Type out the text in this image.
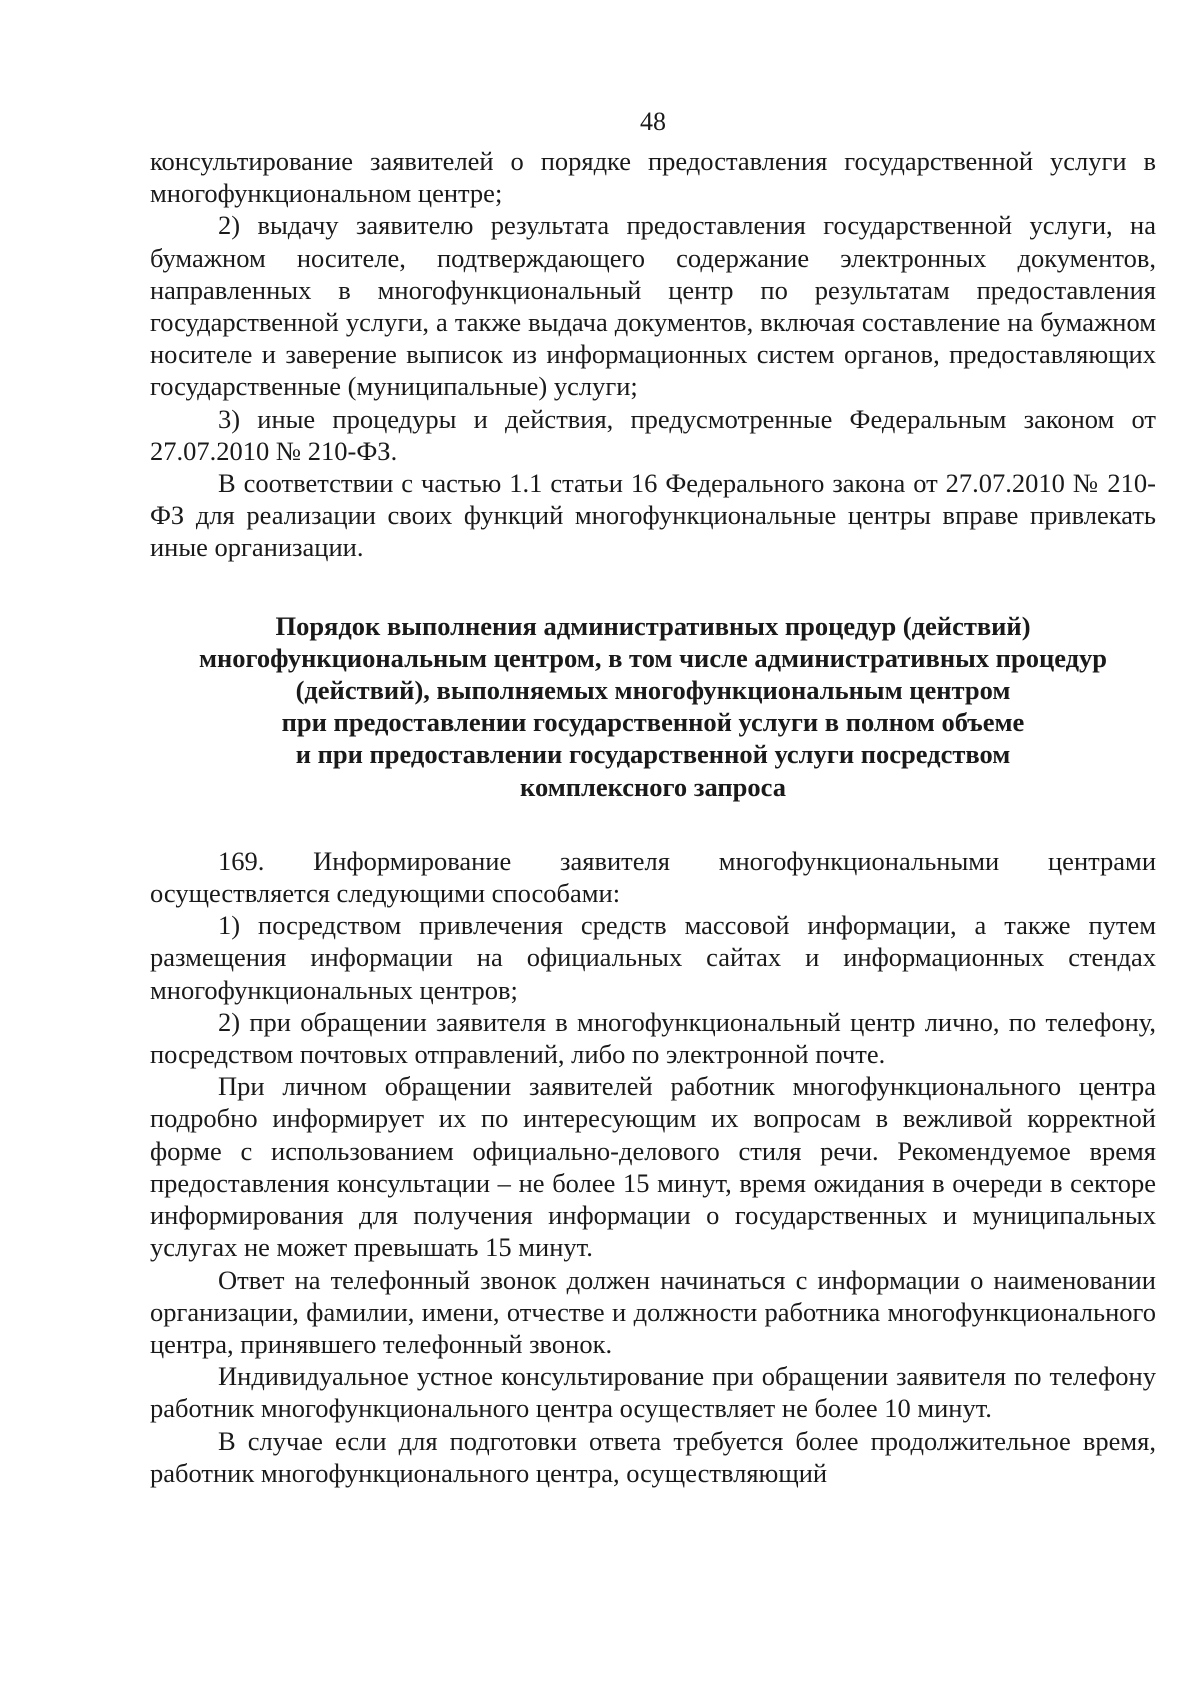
48

консультирование заявителей о порядке предоставления государственной услуги в многофункциональном центре;

2) выдачу заявителю результата предоставления государственной услуги, на бумажном носителе, подтверждающего содержание электронных документов, направленных в многофункциональный центр по результатам предоставления государственной услуги, а также выдача документов, включая составление на бумажном носителе и заверение выписок из информационных систем органов, предоставляющих государственные (муниципальные) услуги;

3) иные процедуры и действия, предусмотренные Федеральным законом от 27.07.2010 № 210-ФЗ.

В соответствии с частью 1.1 статьи 16 Федерального закона от 27.07.2010 № 210-ФЗ для реализации своих функций многофункциональные центры вправе привлекать иные организации.

Порядок выполнения административных процедур (действий)
многофункциональным центром, в том числе административных процедур
(действий), выполняемых многофункциональным центром
при предоставлении государственной услуги в полном объеме
и при предоставлении государственной услуги посредством
комплексного запроса

169. Информирование заявителя многофункциональными центрами осуществляется следующими способами:

1) посредством привлечения средств массовой информации, а также путем размещения информации на официальных сайтах и информационных стендах многофункциональных центров;

2) при обращении заявителя в многофункциональный центр лично, по телефону, посредством почтовых отправлений, либо по электронной почте.

При личном обращении заявителей работник многофункционального центра подробно информирует их по интересующим их вопросам в вежливой корректной форме с использованием официально-делового стиля речи. Рекомендуемое время предоставления консультации – не более 15 минут, время ожидания в очереди в секторе информирования для получения информации о государственных и муниципальных услугах не может превышать 15 минут.

Ответ на телефонный звонок должен начинаться с информации о наименовании организации, фамилии, имени, отчестве и должности работника многофункционального центра, принявшего телефонный звонок.

Индивидуальное устное консультирование при обращении заявителя по телефону работник многофункционального центра осуществляет не более 10 минут.

В случае если для подготовки ответа требуется более продолжительное время, работник многофункционального центра, осуществляющий
